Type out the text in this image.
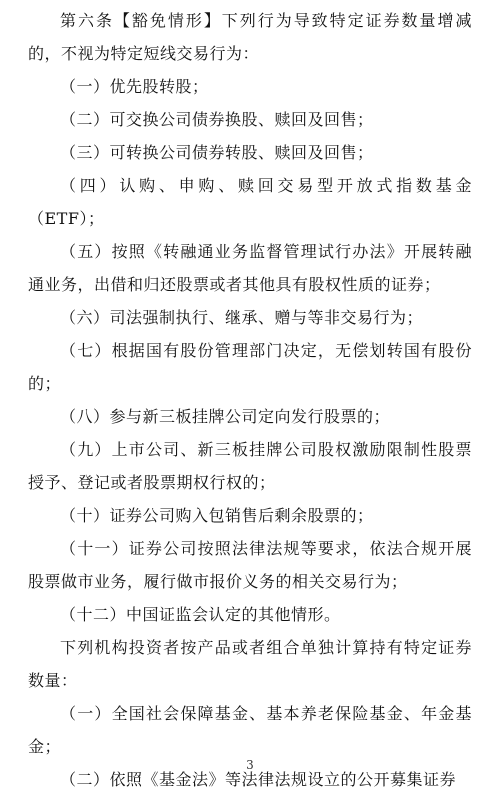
第六条【豁免情形】下列行为导致特定证券数量增减的，不视为特定短线交易行为：

（一）优先股转股；

（二）可交换公司债券换股、赎回及回售；

（三）可转换公司债券转股、赎回及回售；

（四）认购、申购、赎回交易型开放式指数基金（ETF）；

（五）按照《转融通业务监督管理试行办法》开展转融通业务，出借和归还股票或者其他具有股权性质的证券；

（六）司法强制执行、继承、赠与等非交易行为；

（七）根据国有股份管理部门决定，无偿划转国有股份的；

（八）参与新三板挂牌公司定向发行股票的；

（九）上市公司、新三板挂牌公司股权激励限制性股票授予、登记或者股票期权行权的；

（十）证券公司购入包销售后剩余股票的；

（十一）证券公司按照法律法规等要求，依法合规开展股票做市业务，履行做市报价义务的相关交易行为；

（十二）中国证监会认定的其他情形。

下列机构投资者按产品或者组合单独计算持有特定证券数量：

（一）全国社会保障基金、基本养老保险基金、年金基金；

（二）依照《基金法》等法律法规设立的公开募集证券

3
